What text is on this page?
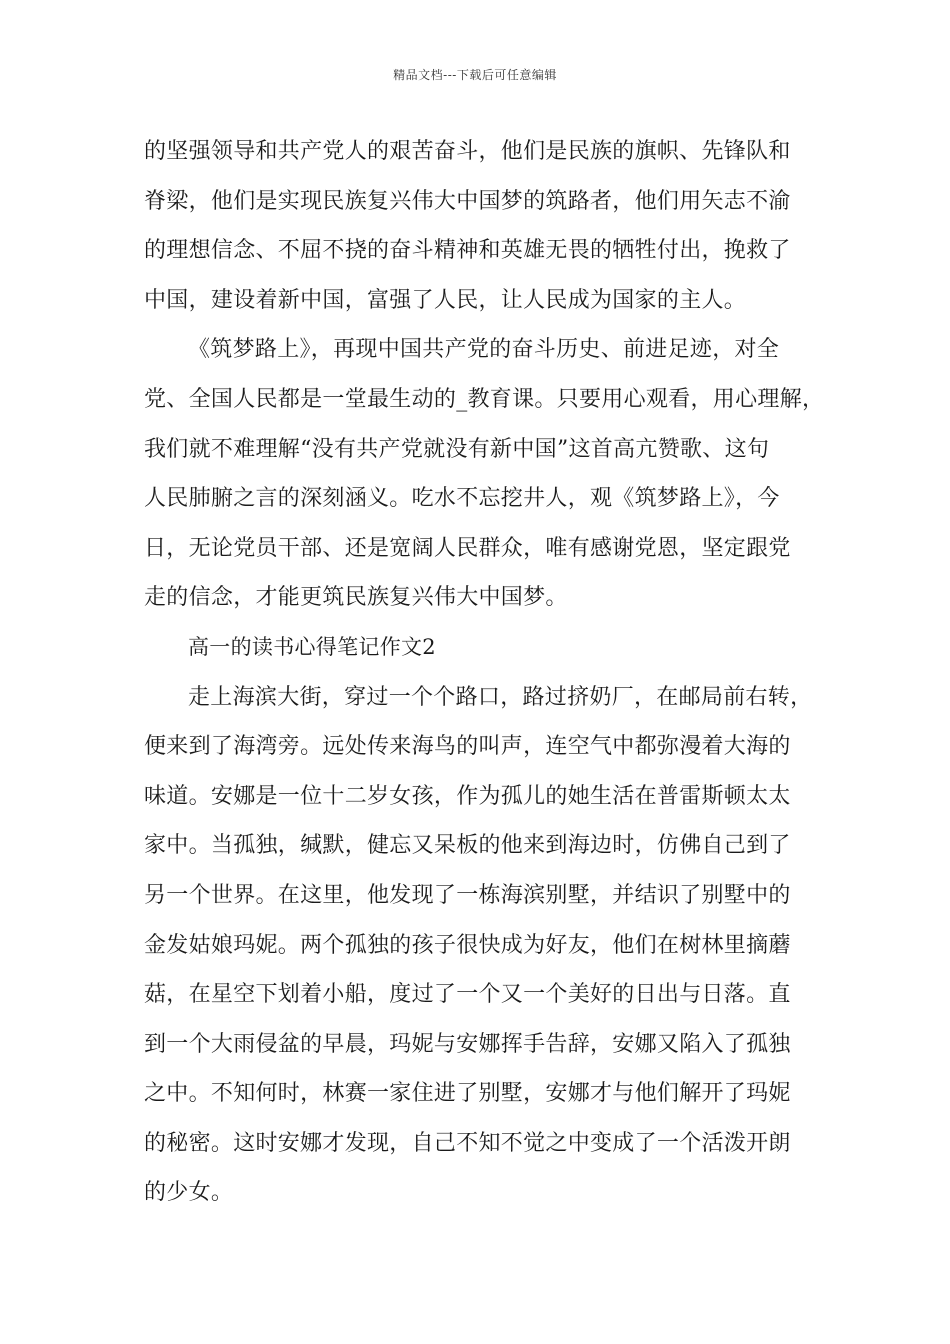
精品文档---下载后可任意编辑
的坚强领导和共产党人的艰苦奋斗，他们是民族的旗帜、先锋队和
脊梁，他们是实现民族复兴伟大中国梦的筑路者，他们用矢志不渝
的理想信念、不屈不挠的奋斗精神和英雄无畏的牺牲付出，挽救了
中国，建设着新中国，富强了人民，让人民成为国家的主人。
《筑梦路上》，再现中国共产党的奋斗历史、前进足迹，对全
党、全国人民都是一堂最生动的_教育课。只要用心观看，用心理解，
我们就不难理解“没有共产党就没有新中国”这首高亢赞歌、这句
人民肺腑之言的深刻涵义。吃水不忘挖井人，观《筑梦路上》，今
日，无论党员干部、还是宽阔人民群众，唯有感谢党恩，坚定跟党
走的信念，才能更筑民族复兴伟大中国梦。
高一的读书心得笔记作文2
走上海滨大街，穿过一个个路口，路过挤奶厂，在邮局前右转，
便来到了海湾旁。远处传来海鸟的叫声，连空气中都弥漫着大海的
味道。安娜是一位十二岁女孩，作为孤儿的她生活在普雷斯顿太太
家中。当孤独，缄默，健忘又呆板的他来到海边时，仿佛自己到了
另一个世界。在这里，他发现了一栋海滨别墅，并结识了别墅中的
金发姑娘玛妮。两个孤独的孩子很快成为好友，他们在树林里摘蘑
菇，在星空下划着小船，度过了一个又一个美好的日出与日落。直
到一个大雨侵盆的早晨，玛妮与安娜挥手告辞，安娜又陷入了孤独
之中。不知何时，林赛一家住进了别墅，安娜才与他们解开了玛妮
的秘密。这时安娜才发现，自己不知不觉之中变成了一个活泼开朗
的少女。
